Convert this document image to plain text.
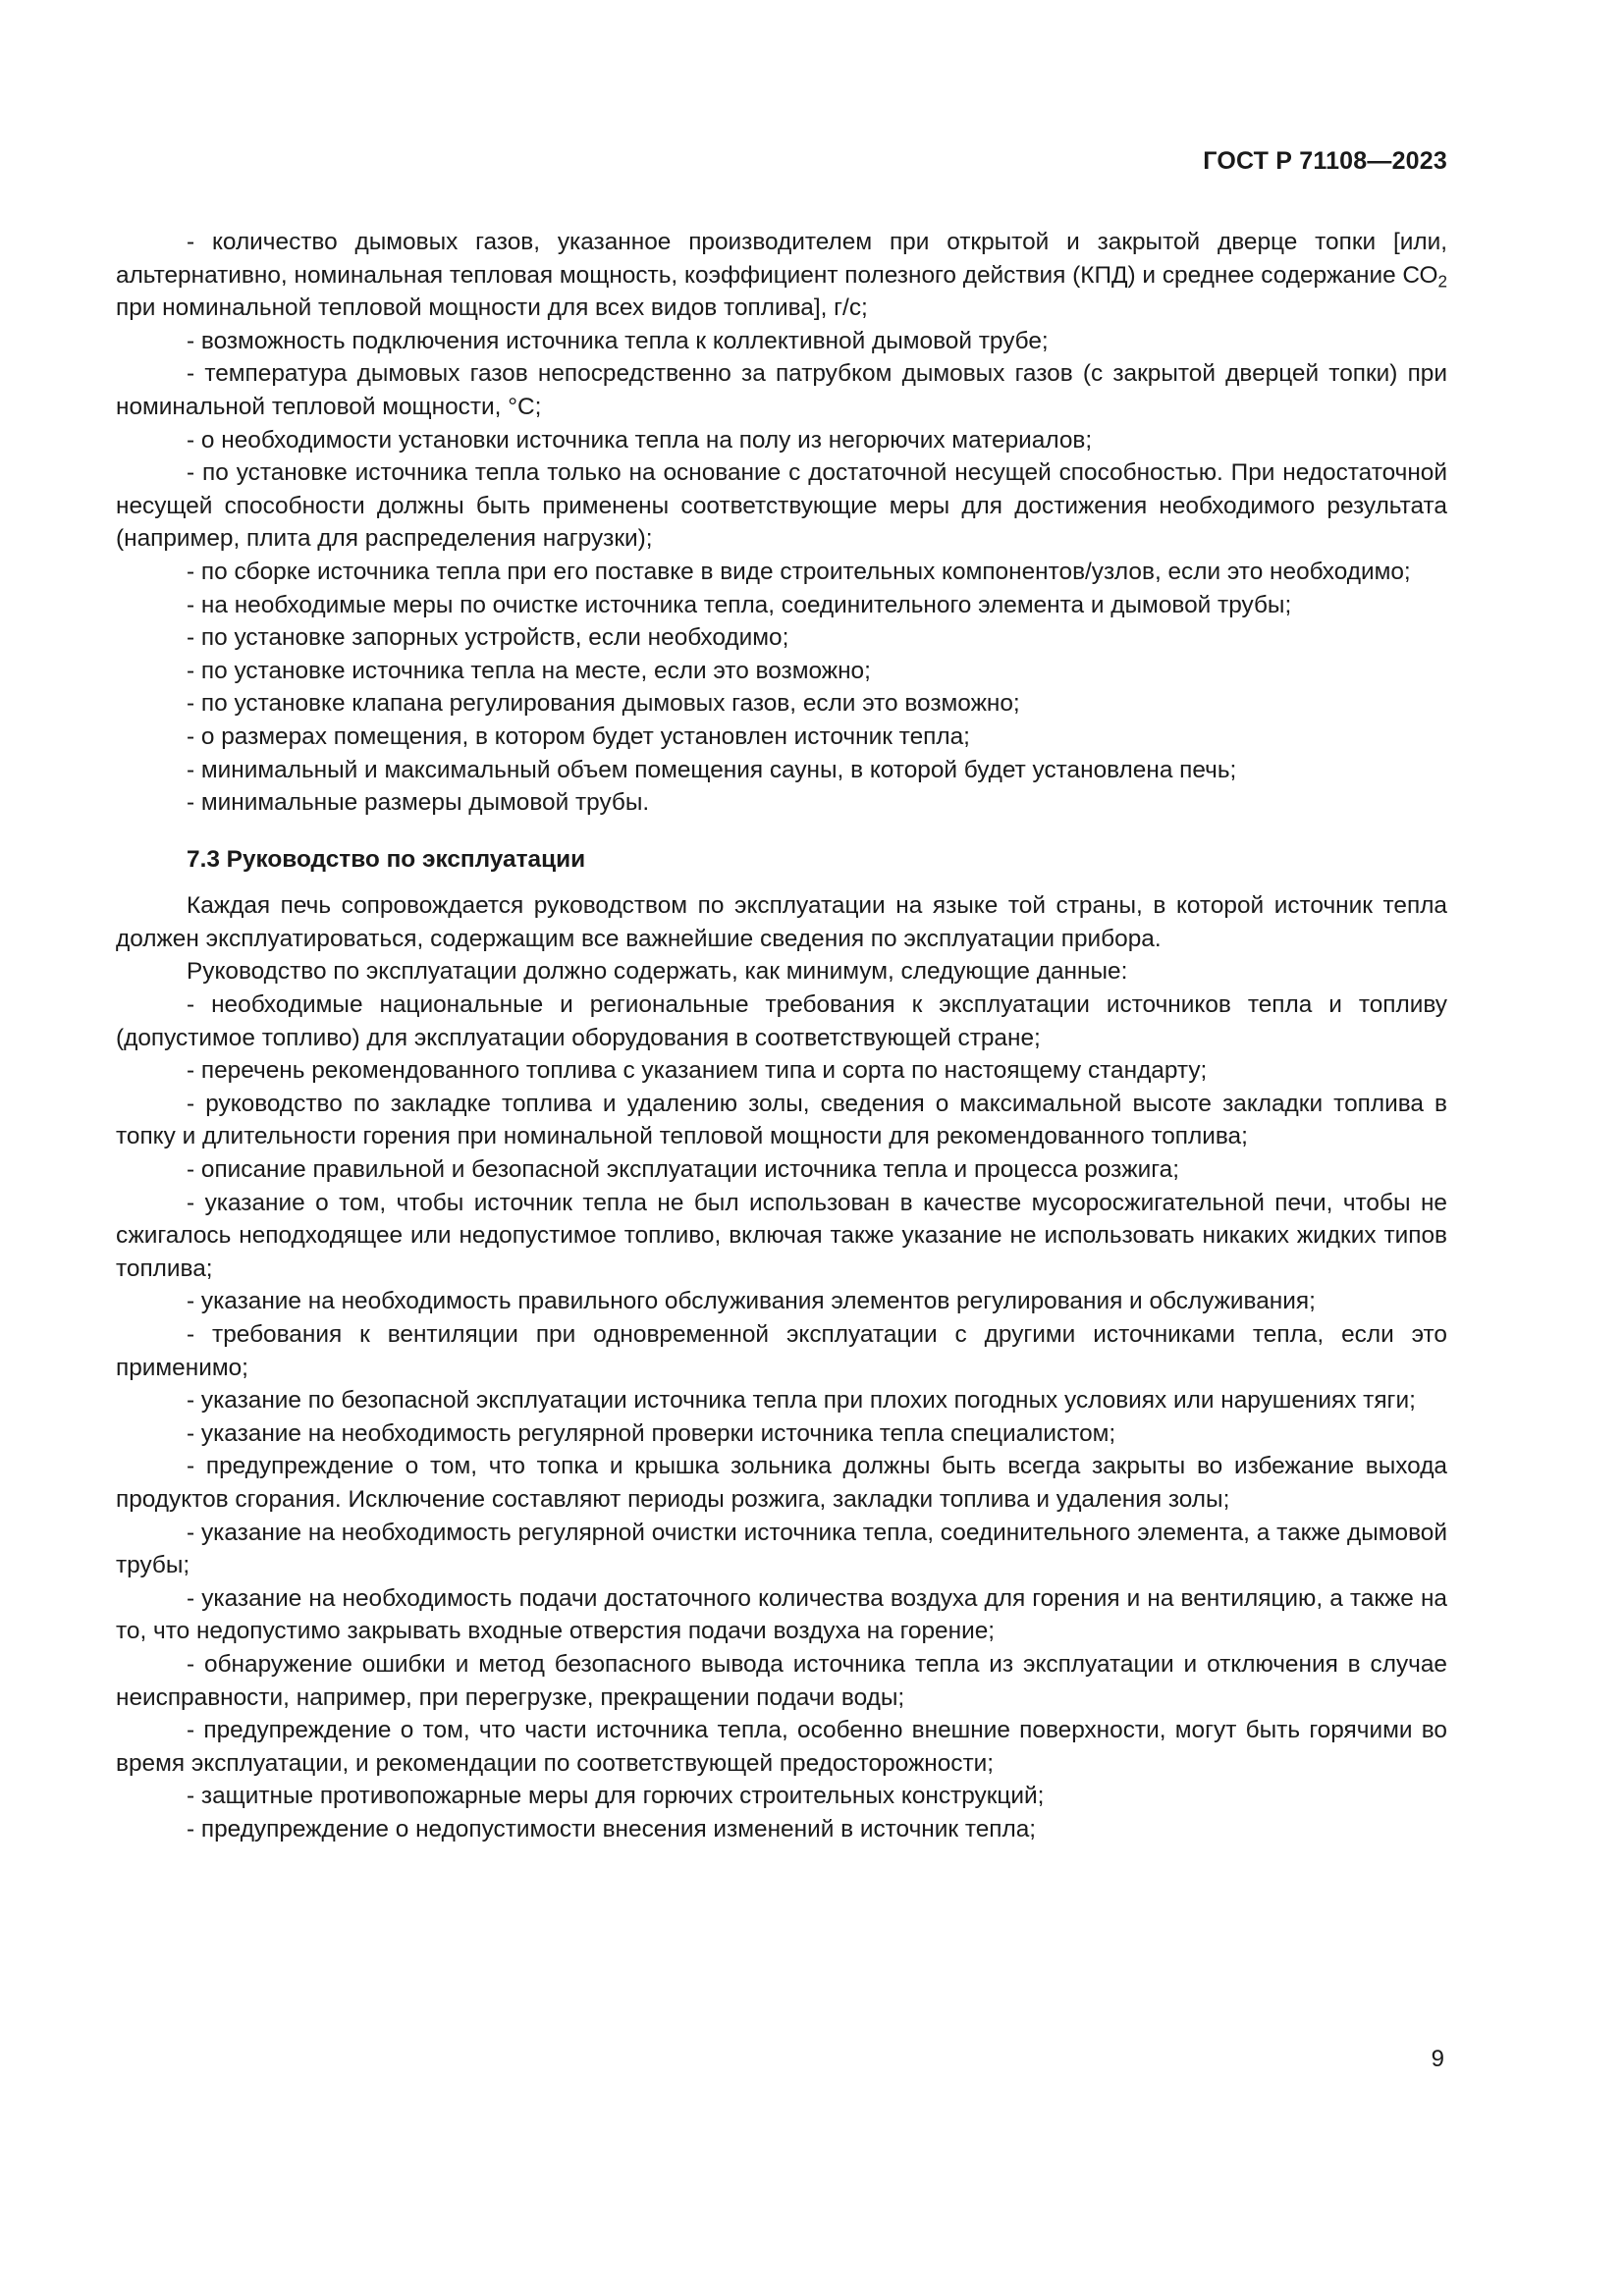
ГОСТ Р 71108—2023

- количество дымовых газов, указанное производителем при открытой и закрытой дверце топки [или, альтернативно, номинальная тепловая мощность, коэффициент полезного действия (КПД) и среднее содержание $СО_2$ при номинальной тепловой мощности для всех видов топлива], г/с;

- возможность подключения источника тепла к коллективной дымовой трубе;

- температура дымовых газов непосредственно за патрубком дымовых газов (с закрытой дверцей топки) при номинальной тепловой мощности, °С;

- о необходимости установки источника тепла на полу из негорючих материалов;

- по установке источника тепла только на основание с достаточной несущей способностью. При недостаточной несущей способности должны быть применены соответствующие меры для достижения необходимого результата (например, плита для распределения нагрузки);

- по сборке источника тепла при его поставке в виде строительных компонентов/узлов, если это необходимо;

- на необходимые меры по очистке источника тепла, соединительного элемента и дымовой трубы;

- по установке запорных устройств, если необходимо;

- по установке источника тепла на месте, если это возможно;

- по установке клапана регулирования дымовых газов, если это возможно;

- о размерах помещения, в котором будет установлен источник тепла;

- минимальный и максимальный объем помещения сауны, в которой будет установлена печь;

- минимальные размеры дымовой трубы.

7.3 Руководство по эксплуатации

Каждая печь сопровождается руководством по эксплуатации на языке той страны, в которой источник тепла должен эксплуатироваться, содержащим все важнейшие сведения по эксплуатации прибора.

Руководство по эксплуатации должно содержать, как минимум, следующие данные:

- необходимые национальные и региональные требования к эксплуатации источников тепла и топливу (допустимое топливо) для эксплуатации оборудования в соответствующей стране;

- перечень рекомендованного топлива с указанием типа и сорта по настоящему стандарту;

- руководство по закладке топлива и удалению золы, сведения о максимальной высоте закладки топлива в топку и длительности горения при номинальной тепловой мощности для рекомендованного топлива;

- описание правильной и безопасной эксплуатации источника тепла и процесса розжига;

- указание о том, чтобы источник тепла не был использован в качестве мусоросжигательной печи, чтобы не сжигалось неподходящее или недопустимое топливо, включая также указание не использовать никаких жидких типов топлива;

- указание на необходимость правильного обслуживания элементов регулирования и обслуживания;

- требования к вентиляции при одновременной эксплуатации с другими источниками тепла, если это применимо;

- указание по безопасной эксплуатации источника тепла при плохих погодных условиях или нарушениях тяги;

- указание на необходимость регулярной проверки источника тепла специалистом;

- предупреждение о том, что топка и крышка зольника должны быть всегда закрыты во избежание выхода продуктов сгорания. Исключение составляют периоды розжига, закладки топлива и удаления золы;

- указание на необходимость регулярной очистки источника тепла, соединительного элемента, а также дымовой трубы;

- указание на необходимость подачи достаточного количества воздуха для горения и на вентиляцию, а также на то, что недопустимо закрывать входные отверстия подачи воздуха на горение;

- обнаружение ошибки и метод безопасного вывода источника тепла из эксплуатации и отключения в случае неисправности, например, при перегрузке, прекращении подачи воды;

- предупреждение о том, что части источника тепла, особенно внешние поверхности, могут быть горячими во время эксплуатации, и рекомендации по соответствующей предосторожности;

- защитные противопожарные меры для горючих строительных конструкций;

- предупреждение о недопустимости внесения изменений в источник тепла;

9
